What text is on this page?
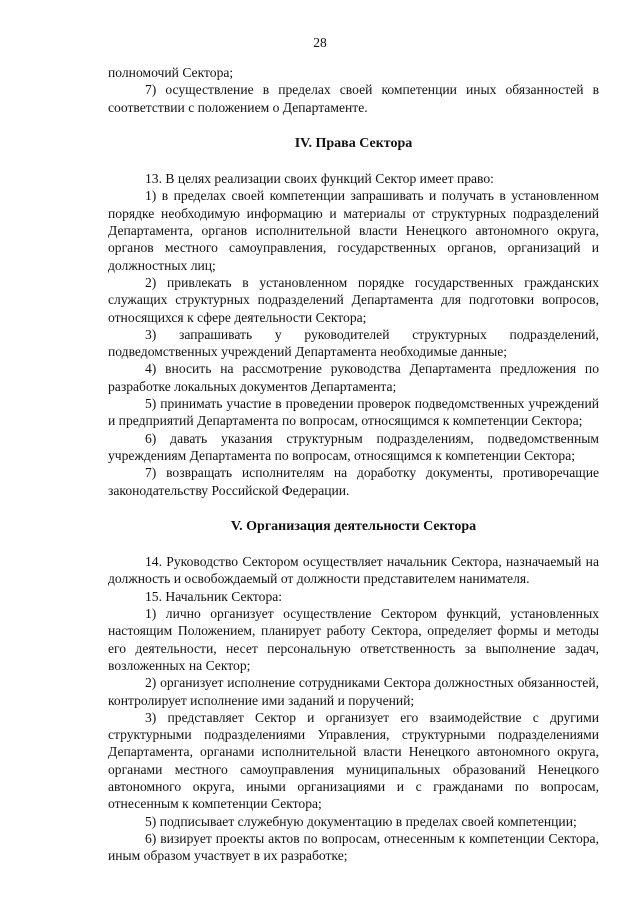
28

полномочий Сектора;

7) осуществление в пределах своей компетенции иных обязанностей в соответствии с положением о Департаменте.

IV. Права Сектора

13. В целях реализации своих функций Сектор имеет право:

1) в пределах своей компетенции запрашивать и получать в установленном порядке необходимую информацию и материалы от структурных подразделений Департамента, органов исполнительной власти Ненецкого автономного округа, органов местного самоуправления, государственных органов, организаций и должностных лиц;

2) привлекать в установленном порядке государственных гражданских служащих структурных подразделений Департамента для подготовки вопросов, относящихся к сфере деятельности Сектора;

3) запрашивать у руководителей структурных подразделений, подведомственных учреждений Департамента необходимые данные;

4) вносить на рассмотрение руководства Департамента предложения по разработке локальных документов Департамента;

5) принимать участие в проведении проверок подведомственных учреждений и предприятий Департамента по вопросам, относящимся к компетенции Сектора;

6) давать указания структурным подразделениям, подведомственным учреждениям Департамента по вопросам, относящимся к компетенции Сектора;

7) возвращать исполнителям на доработку документы, противоречащие законодательству Российской Федерации.

V. Организация деятельности Сектора

14. Руководство Сектором осуществляет начальник Сектора, назначаемый на должность и освобождаемый от должности представителем нанимателя.

15. Начальник Сектора:

1) лично организует осуществление Сектором функций, установленных настоящим Положением, планирует работу Сектора, определяет формы и методы его деятельности, несет персональную ответственность за выполнение задач, возложенных на Сектор;

2) организует исполнение сотрудниками Сектора должностных обязанностей, контролирует исполнение ими заданий и поручений;

3) представляет Сектор и организует его взаимодействие с другими структурными подразделениями Управления, структурными подразделениями Департамента, органами исполнительной власти Ненецкого автономного округа, органами местного самоуправления муниципальных образований Ненецкого автономного округа, иными организациями и с гражданами по вопросам, отнесенным к компетенции Сектора;

5) подписывает служебную документацию в пределах своей компетенции;

6) визирует проекты актов по вопросам, отнесенным к компетенции Сектора, иным образом участвует в их разработке;
